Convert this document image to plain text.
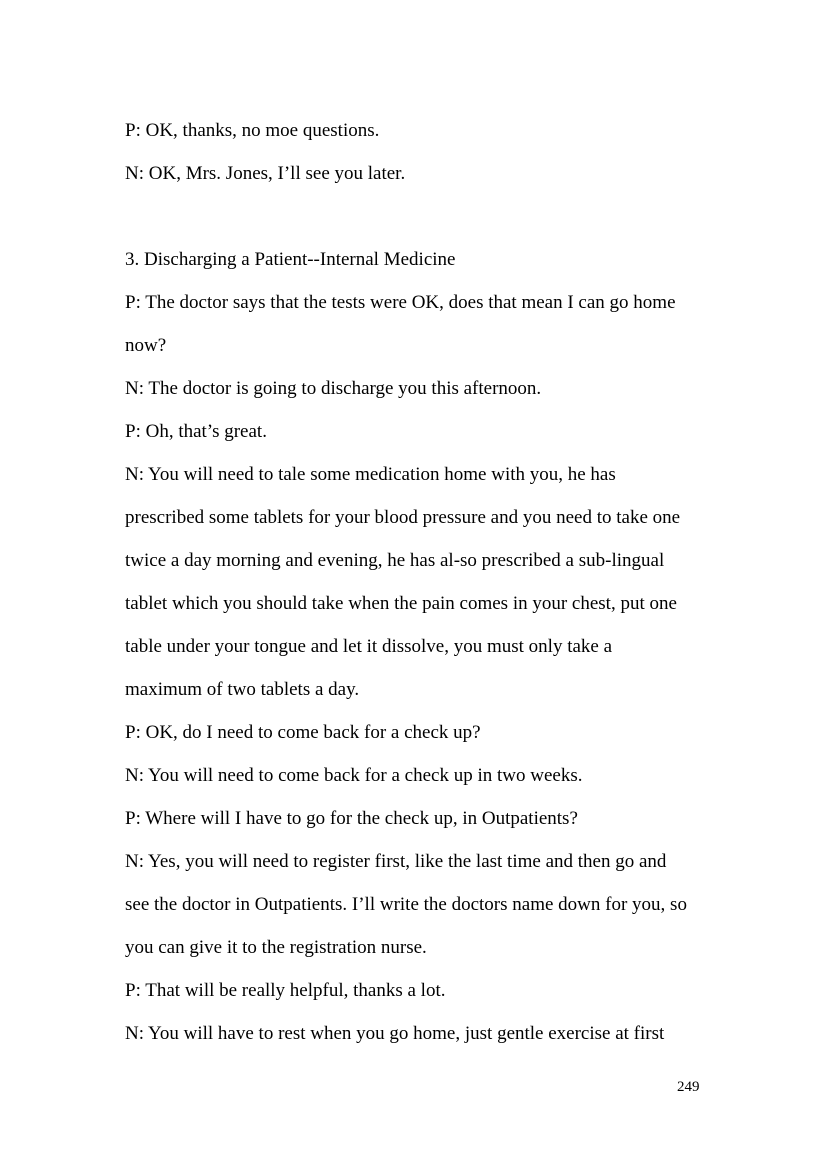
P: OK, thanks, no moe questions.
N: OK, Mrs. Jones, I’ll see you later.
3. Discharging a Patient--Internal Medicine
P: The doctor says that the tests were OK, does that mean I can go home
now?
N: The doctor is going to discharge you this afternoon.
P: Oh, that’s great.
N: You will need to tale some medication home with you, he has
prescribed some tablets for your blood pressure and you need to take one
twice a day morning and evening, he has al-so prescribed a sub-lingual
tablet which you should take when the pain comes in your chest, put one
table under your tongue and let it dissolve, you must only take a
maximum of two tablets a day.
P: OK, do I need to come back for a check up?
N: You will need to come back for a check up in two weeks.
P: Where will I have to go for the check up, in Outpatients?
N: Yes, you will need to register first, like the last time and then go and
see the doctor in Outpatients. I’ll write the doctors name down for you, so
you can give it to the registration nurse.
P: That will be really helpful, thanks a lot.
N: You will have to rest when you go home, just gentle exercise at first
249
